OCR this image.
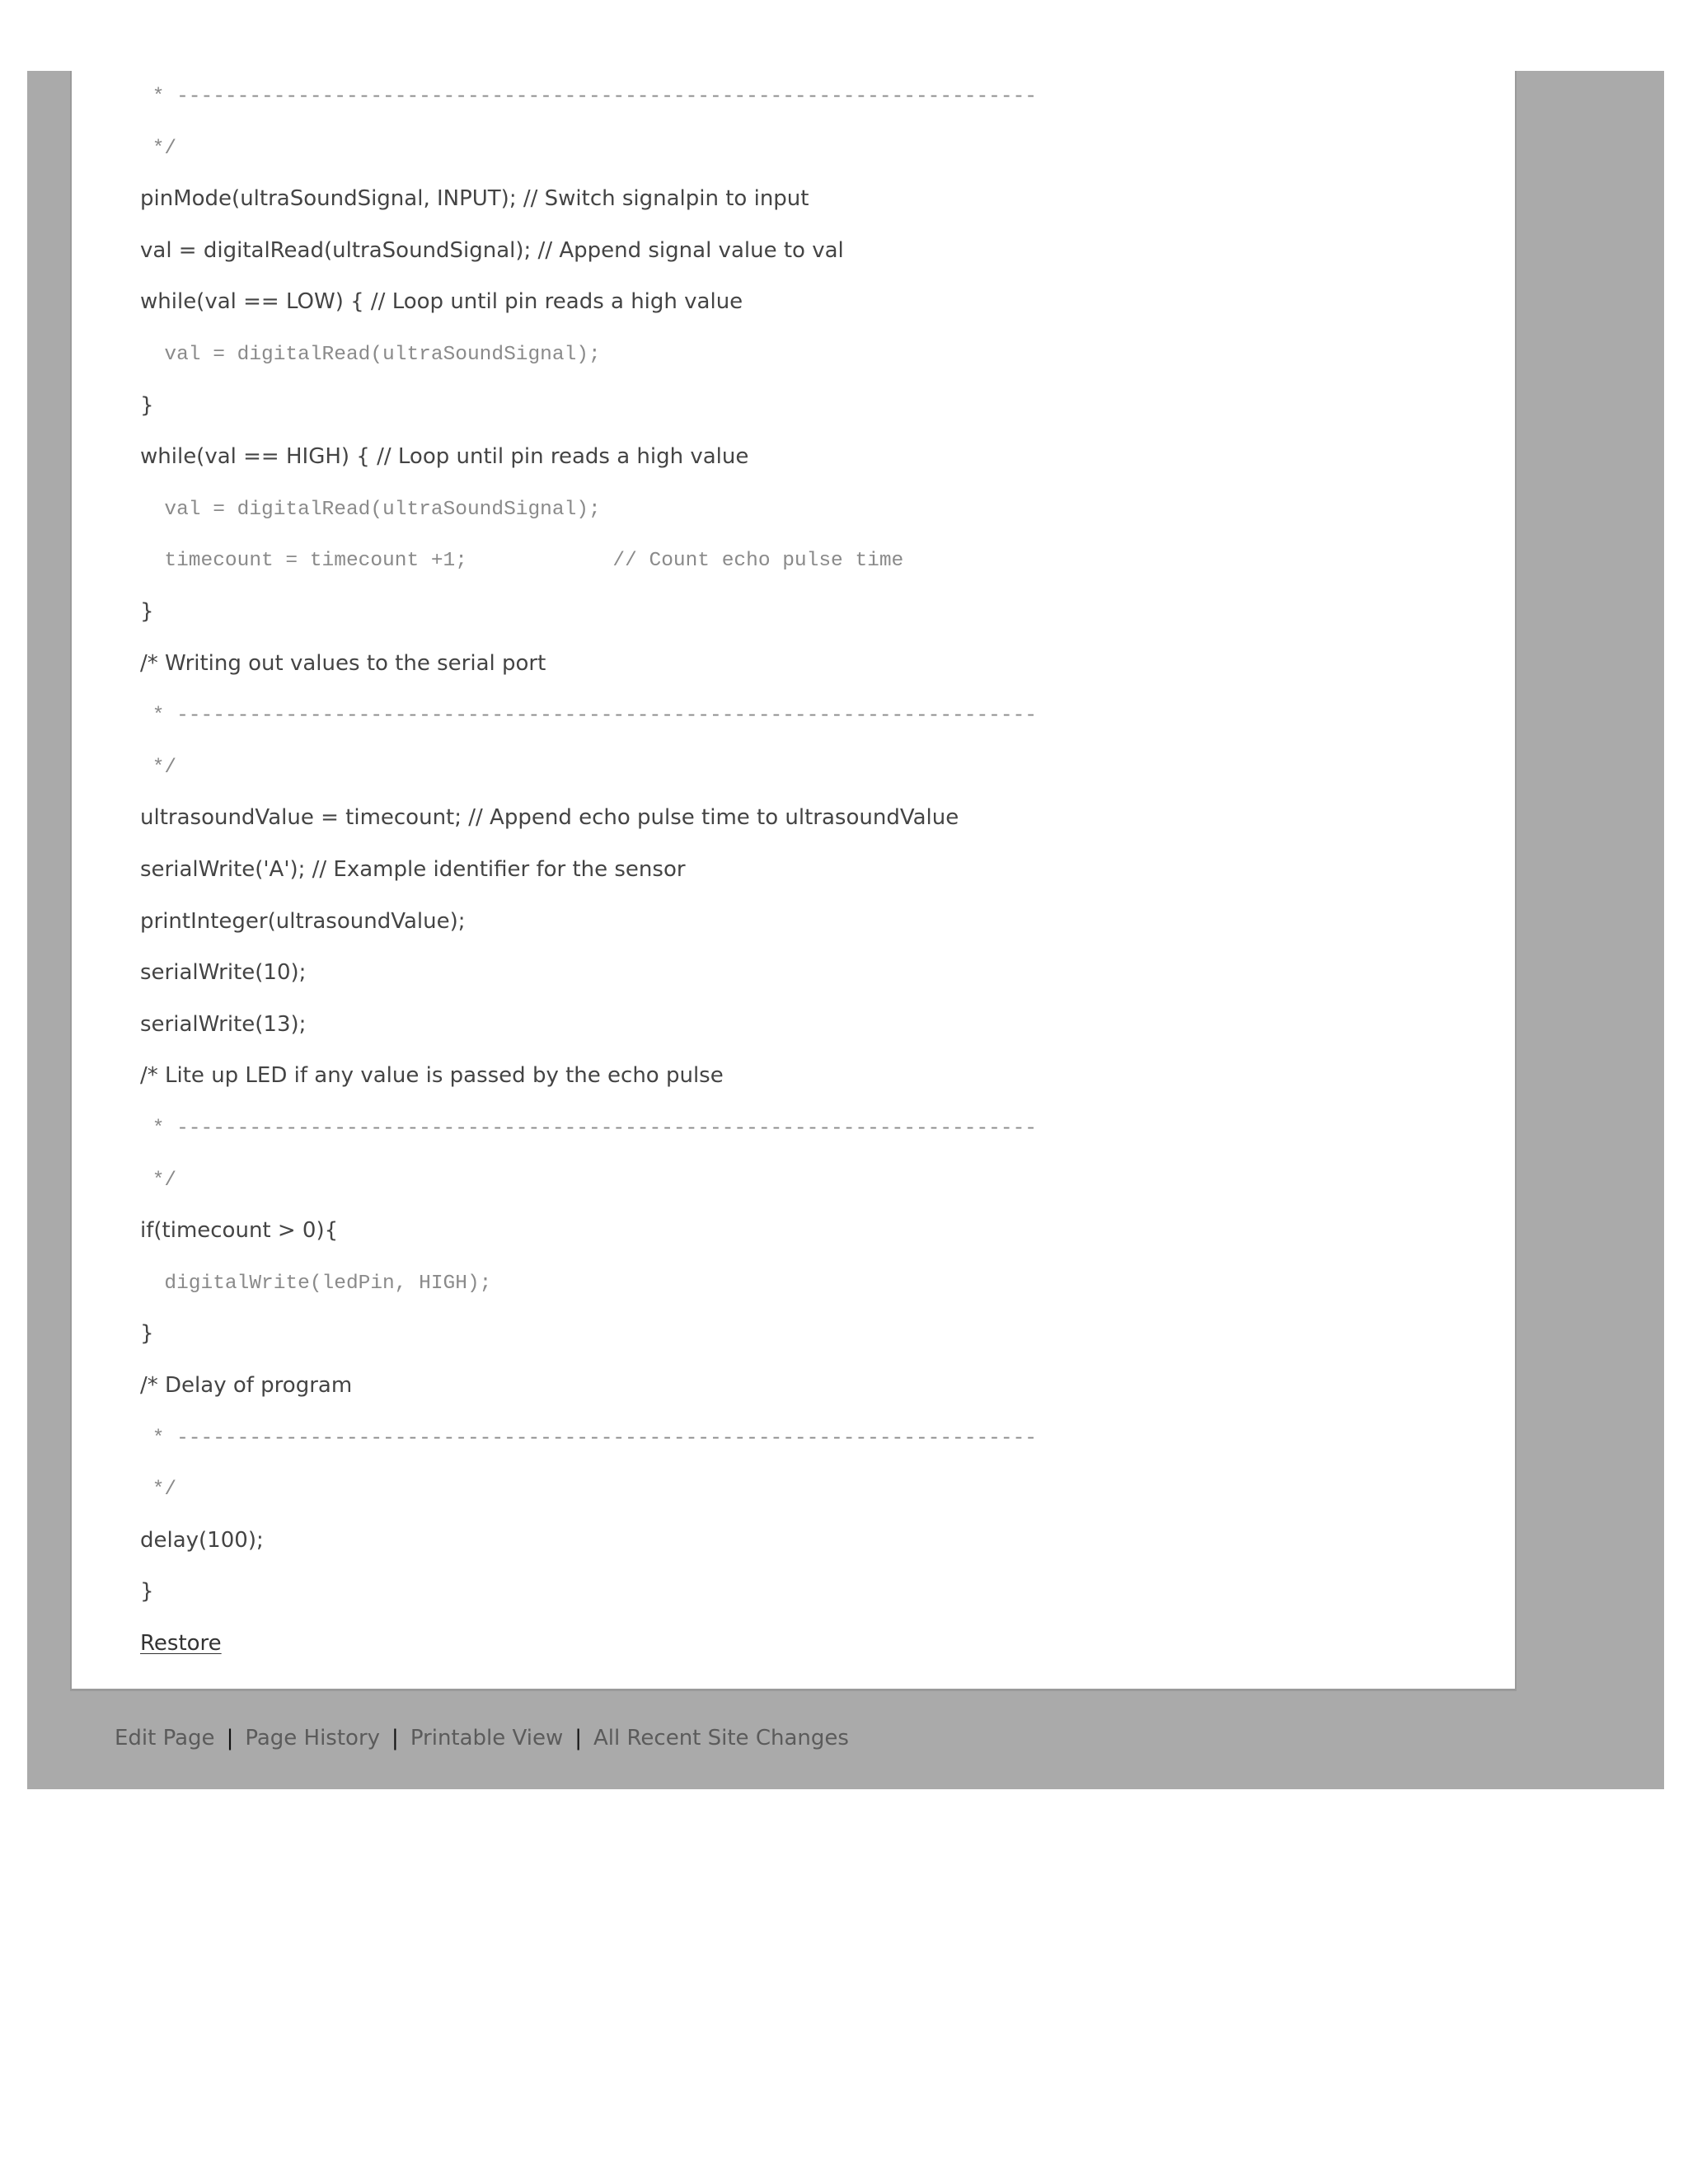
* -----------------------------------------------------------------------

*/

pinMode(ultraSoundSignal, INPUT); // Switch signalpin to input

val = digitalRead(ultraSoundSignal); // Append signal value to val

while(val == LOW) { // Loop until pin reads a high value

val = digitalRead(ultraSoundSignal);

}

while(val == HIGH) { // Loop until pin reads a high value

val = digitalRead(ultraSoundSignal);

timecount = timecount +1;            // Count echo pulse time

}

/* Writing out values to the serial port

* -----------------------------------------------------------------------

*/

ultrasoundValue = timecount; // Append echo pulse time to ultrasoundValue

serialWrite('A'); // Example identifier for the sensor

printInteger(ultrasoundValue);

serialWrite(10);

serialWrite(13);

/* Lite up LED if any value is passed by the echo pulse

* -----------------------------------------------------------------------

*/

if(timecount > 0){

digitalWrite(ledPin, HIGH);

}

/* Delay of program

* -----------------------------------------------------------------------

*/

delay(100);

}

Restore
Edit Page | Page History | Printable View | All Recent Site Changes
